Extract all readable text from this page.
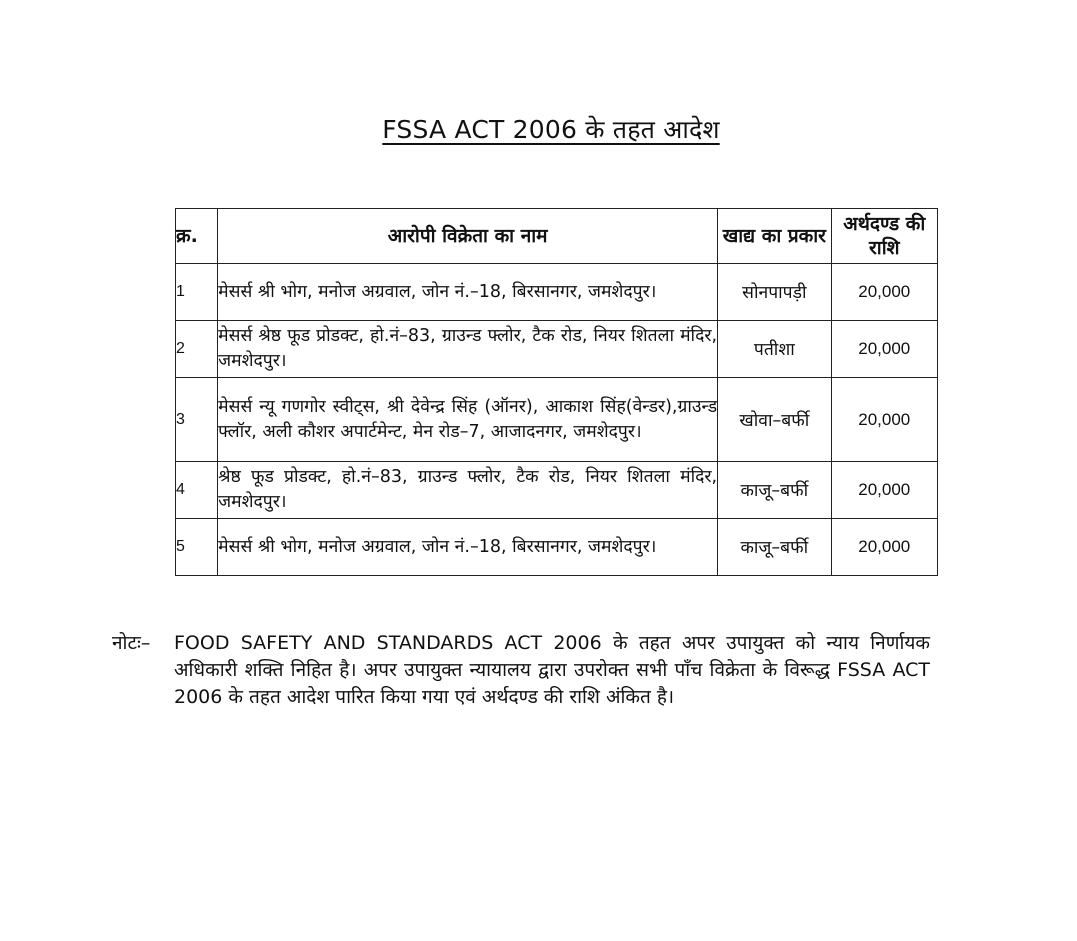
FSSA ACT 2006 के तहत आदेश
क्र.	आरोपी विक्रेता का नाम	खाद्य का प्रकार	अर्थदण्ड की राशि
1	मेसर्स श्री भोग, मनोज अग्रवाल, जोन नं.–18, बिरसानगर, जमशेदपुर।	सोनपापड़ी	20,000
2	मेसर्स श्रेष्ठ फूड प्रोडक्ट, हो.नं–83, ग्राउन्ड फ्लोर, टैक रोड, नियर शितला मंदिर, जमशेदपुर।	पतीशा	20,000
3	मेसर्स न्यू गणगोर स्वीट्स, श्री देवेन्द्र सिंह (ऑनर), आकाश सिंह(वेन्डर),ग्राउन्ड फ्लॉर, अली कौशर अपार्टमेन्ट, मेन रोड–7, आजादनगर, जमशेदपुर।	खोवा–बर्फी	20,000
4	श्रेष्ठ फूड प्रोडक्ट, हो.नं–83, ग्राउन्ड फ्लोर, टैक रोड, नियर शितला मंदिर, जमशेदपुर।	काजू–बर्फी	20,000
5	मेसर्स श्री भोग, मनोज अग्रवाल, जोन नं.–18, बिरसानगर, जमशेदपुर।	काजू–बर्फी	20,000
नोटः– FOOD SAFETY AND STANDARDS ACT 2006 के तहत अपर उपायुक्त को न्याय निर्णायक अधिकारी शक्ति निहित है। अपर उपायुक्त न्यायालय द्वारा उपरोक्त सभी पाँच विक्रेता के विरूद्ध FSSA ACT 2006 के तहत आदेश पारित किया गया एवं अर्थदण्ड की राशि अंकित है।
